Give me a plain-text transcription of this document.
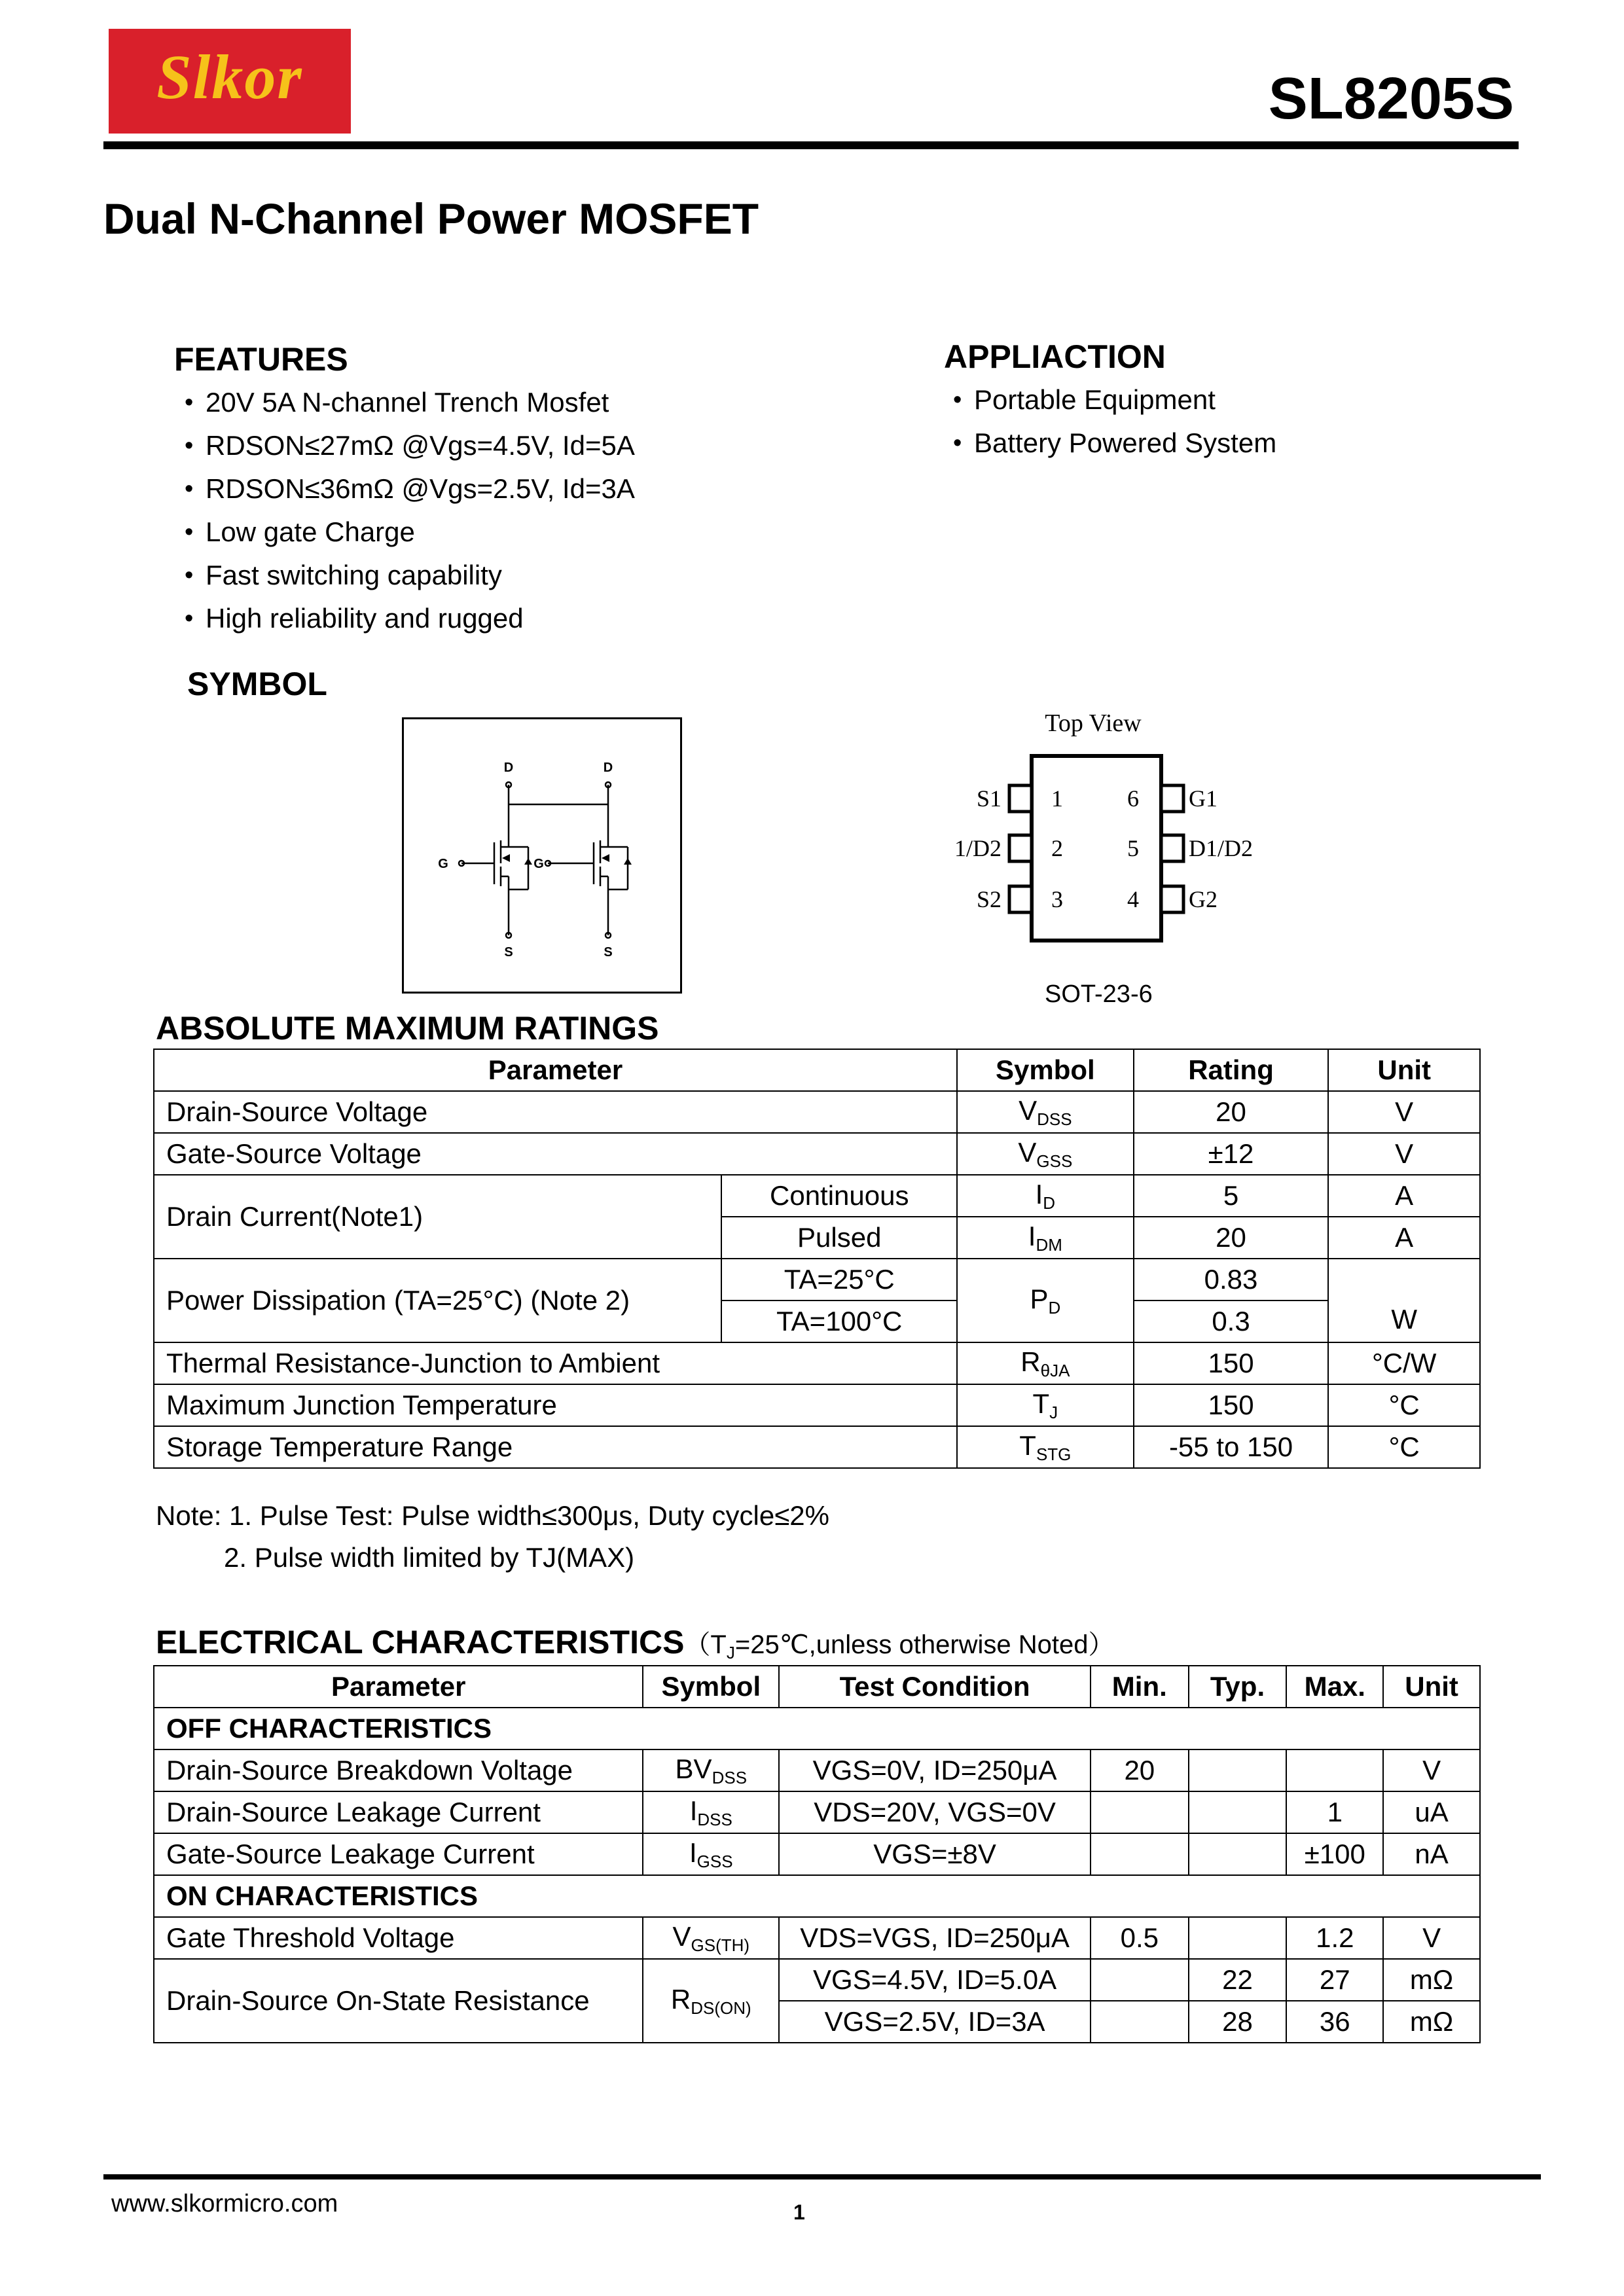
Slkor	SL8205S
Dual N-Channel Power MOSFET
FEATURES
• 20V 5A N-channel Trench Mosfet
• RDSON≤27mΩ @Vgs=4.5V, Id=5A
• RDSON≤36mΩ @Vgs=2.5V, Id=3A
• Low gate Charge
• Fast switching capability
• High reliability and rugged
APPLIACTION
• Portable Equipment
• Battery Powered System
SYMBOL
D	D
G	G
S	S
Top View
1
2
3
6
5
4
S1
1/D2
S2
G1
D1/D2
G2
SOT-23-6
ABSOLUTE MAXIMUM RATINGS
Parameter		Symbol	Rating	Unit
Drain-Source Voltage		$V_{DSS}$	20	V
Gate-Source Voltage		$V_{GSS}$	±12	V
Drain Current(Note1)	Continuous	$I_D$	5	A
	Pulsed	$I_{DM}$	20	A
Power Dissipation (TA=25°C) (Note 2)	TA=25°C	$P_D$	0.83	W
	TA=100°C		0.3	
Thermal Resistance-Junction to Ambient		$R_{\theta JA}$	150	°C/W
Maximum Junction Temperature		$T_J$	150	°C
Storage Temperature Range		$T_{STG}$	-55 to 150	°C
Note: 1. Pulse Test: Pulse width≤300μs, Duty cycle≤2%
2. Pulse width limited by TJ(MAX)
ELECTRICAL $CHARACTERISTICS(T_J=25℃,unless$ otherwise Noted）
Parameter	Symbol	Test Condition	Min.	Typ.	Max.	Unit
OFF CHARACTERISTICS						
Drain-Source Breakdown Voltage	$BV_{DSS}$	VGS=0V, ID=250μA	20			V
Drain-Source Leakage Current	$I_{DSS}$	VDS=20V, VGS=0V			1	uA
Gate-Source Leakage Current	$I_{GSS}$	VGS=±8V			±100	nA
ON CHARACTERISTICS						
Gate Threshold Voltage	$V_{GS(TH)}$	VDS=VGS, ID=250μA	0.5		1.2	V
Drain-Source On-State Resistance	$R_{DS(ON)}$	VGS=4.5V, ID=5.0A		22	27	mΩ
		VGS=2.5V, ID=3A		28	36	mΩ
www.slkormicro.com	1
